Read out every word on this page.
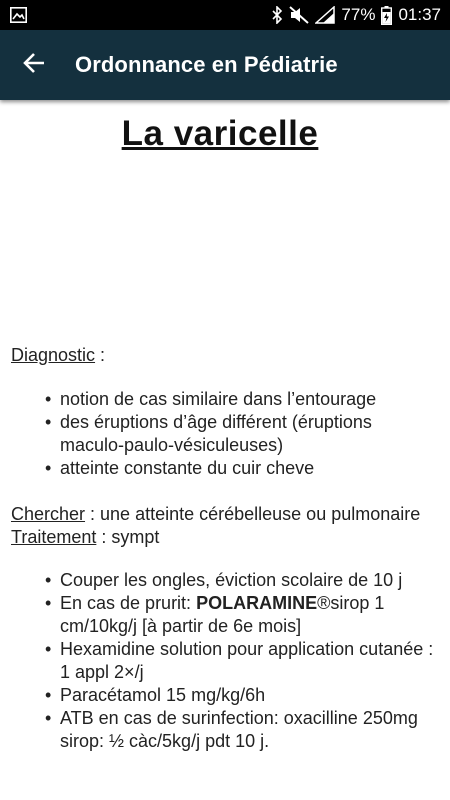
77% 01:37
Ordonnance en Pédiatrie
La varicelle
Diagnostic :
• notion de cas similaire dans l’entourage
• des éruptions d’âge différent (éruptions maculo-paulo-vésiculeuses)
• atteinte constante du cuir cheve
Chercher : une atteinte cérébelleuse ou pulmonaire Traitement : sympt
• Couper les ongles, éviction scolaire de 10 j
• En cas de prurit: POLARAMINE®sirop 1 cm/10kg/j [à partir de 6e mois]
• Hexamidine solution pour application cutanée : 1 appl 2×/j
• Paracétamol 15 mg/kg/6h
• ATB en cas de surinfection: oxacilline 250mg sirop: ½ càc/5kg/j pdt 10 j.
